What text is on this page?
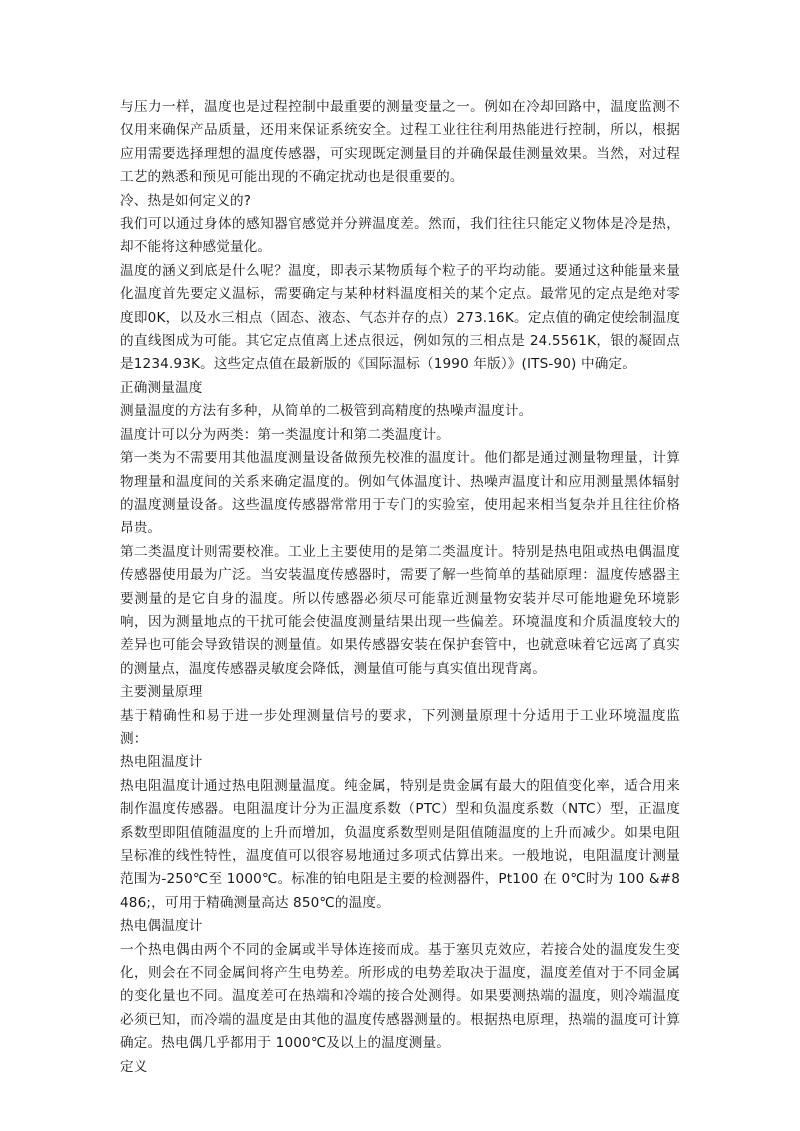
与压力一样，温度也是过程控制中最重要的测量变量之一。例如在冷却回路中，温度监测不仅用来确保产品质量，还用来保证系统安全。过程工业往往利用热能进行控制，所以，根据应用需要选择理想的温度传感器，可实现既定测量目的并确保最佳测量效果。当然，对过程工艺的熟悉和预见可能出现的不确定扰动也是很重要的。

冷、热是如何定义的?

我们可以通过身体的感知器官感觉并分辨温度差。然而，我们往往只能定义物体是冷是热，却不能将这种感觉量化。

温度的涵义到底是什么呢？温度，即表示某物质每个粒子的平均动能。要通过这种能量来量化温度首先要定义温标，需要确定与某种材料温度相关的某个定点。最常见的定点是绝对零度即0K，以及水三相点（固态、液态、气态并存的点）273.16K。定点值的确定使绘制温度的直线图成为可能。其它定点值离上述点很远，例如氖的三相点是 24.5561K，银的凝固点是1234.93K。这些定点值在最新版的《国际温标（1990 年版）》(ITS-90) 中确定。

正确测量温度

测量温度的方法有多种，从简单的二极管到高精度的热噪声温度计。

温度计可以分为两类：第一类温度计和第二类温度计。

第一类为不需要用其他温度测量设备做预先校准的温度计。他们都是通过测量物理量，计算物理量和温度间的关系来确定温度的。例如气体温度计、热噪声温度计和应用测量黑体辐射的温度测量设备。这些温度传感器常常用于专门的实验室，使用起来相当复杂并且往往价格昂贵。

第二类温度计则需要校准。工业上主要使用的是第二类温度计。特别是热电阻或热电偶温度传感器使用最为广泛。当安装温度传感器时，需要了解一些简单的基础原理：温度传感器主要测量的是它自身的温度。所以传感器必须尽可能靠近测量物安装并尽可能地避免环境影响，因为测量地点的干扰可能会使温度测量结果出现一些偏差。环境温度和介质温度较大的差异也可能会导致错误的测量值。如果传感器安装在保护套管中，也就意味着它远离了真实的测量点，温度传感器灵敏度会降低，测量值可能与真实值出现背离。

主要测量原理

基于精确性和易于进一步处理测量信号的要求，下列测量原理十分适用于工业环境温度监测：

热电阻温度计

热电阻温度计通过热电阻测量温度。纯金属，特别是贵金属有最大的阻值变化率，适合用来制作温度传感器。电阻温度计分为正温度系数（PTC）型和负温度系数（NTC）型，正温度系数型即阻值随温度的上升而增加，负温度系数型则是阻值随温度的上升而减少。如果电阻呈标准的线性特性，温度值可以很容易地通过多项式估算出来。一般地说，电阻温度计测量范围为-250℃至 1000℃。标准的铂电阻是主要的检测器件，Pt100 在 0℃时为 100 &#8486;，可用于精确测量高达 850℃的温度。

热电偶温度计

一个热电偶由两个不同的金属或半导体连接而成。基于塞贝克效应，若接合处的温度发生变化，则会在不同金属间将产生电势差。所形成的电势差取决于温度，温度差值对于不同金属的变化量也不同。温度差可在热端和冷端的接合处测得。如果要测热端的温度，则冷端温度必须已知，而冷端的温度是由其他的温度传感器测量的。根据热电原理，热端的温度可计算确定。热电偶几乎都用于 1000℃及以上的温度测量。

定义
